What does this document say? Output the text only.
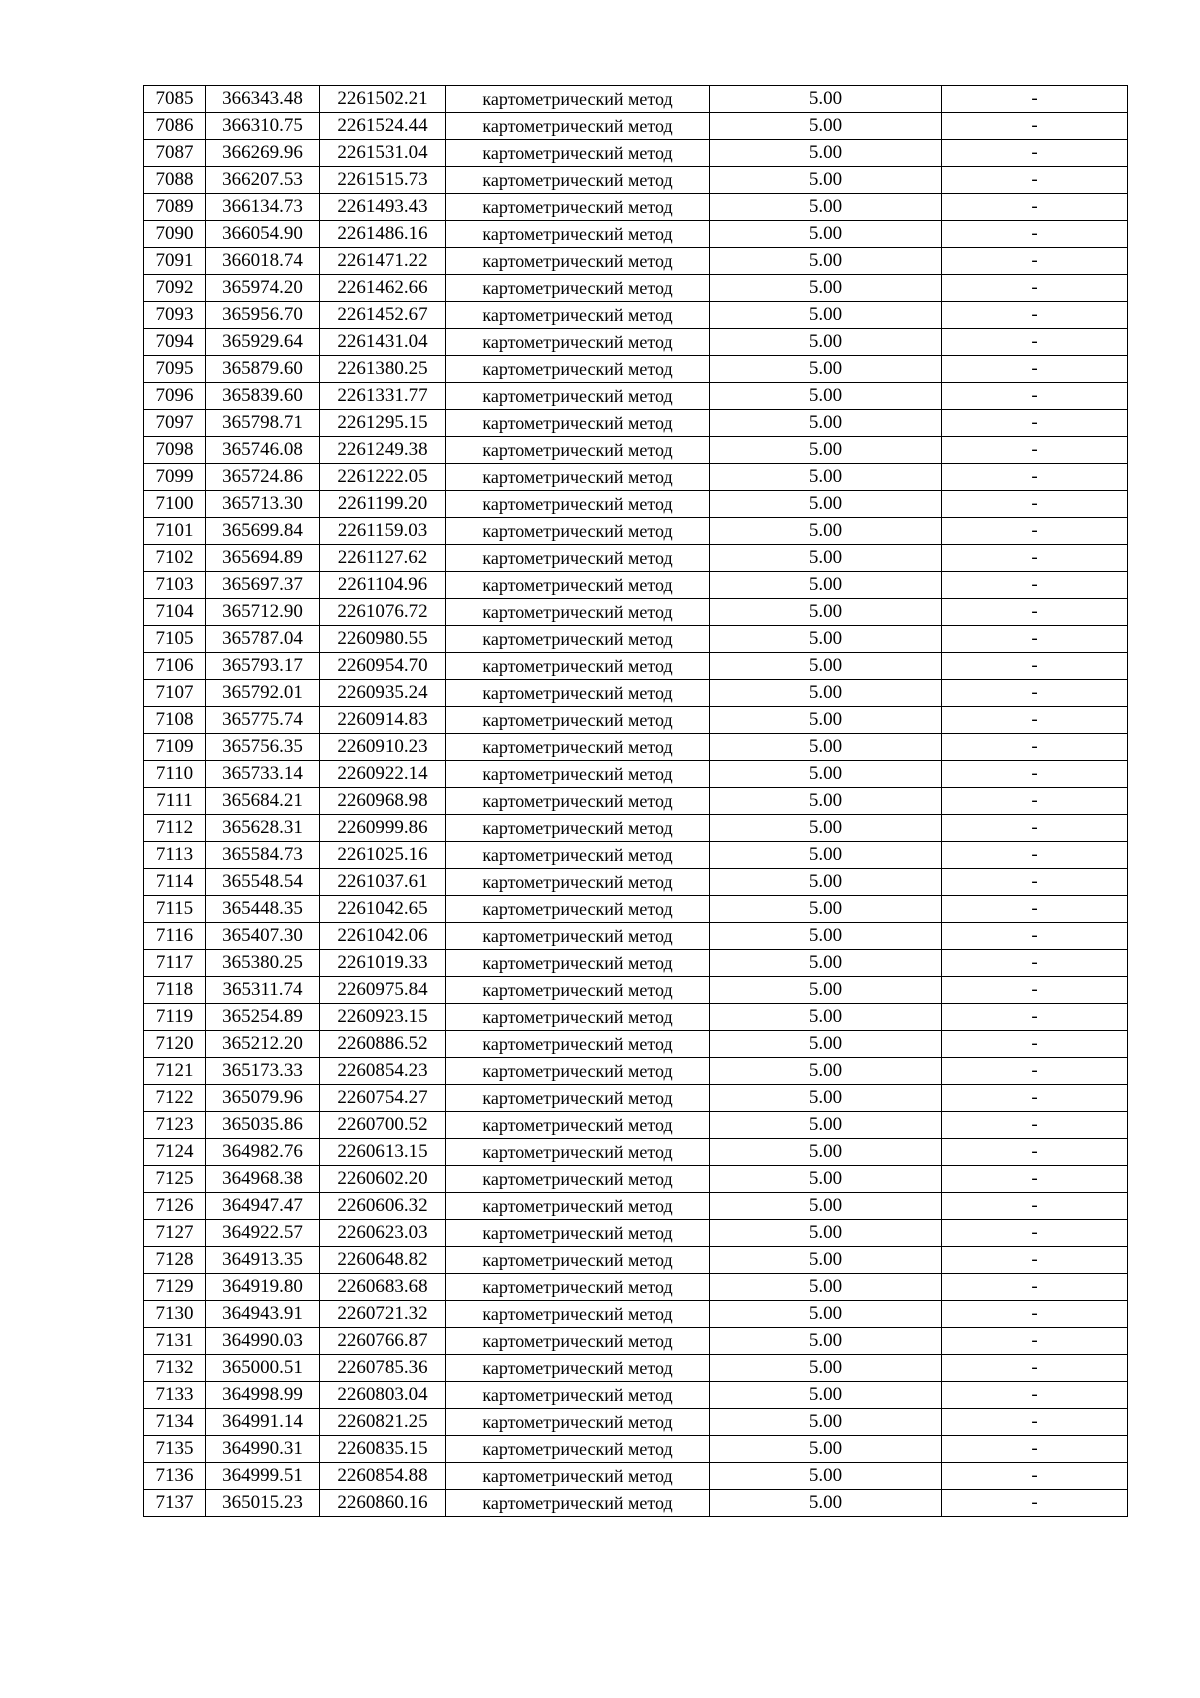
7085	366343.48	2261502.21	картометрический метод	5.00	-
7086	366310.75	2261524.44	картометрический метод	5.00	-
7087	366269.96	2261531.04	картометрический метод	5.00	-
7088	366207.53	2261515.73	картометрический метод	5.00	-
7089	366134.73	2261493.43	картометрический метод	5.00	-
7090	366054.90	2261486.16	картометрический метод	5.00	-
7091	366018.74	2261471.22	картометрический метод	5.00	-
7092	365974.20	2261462.66	картометрический метод	5.00	-
7093	365956.70	2261452.67	картометрический метод	5.00	-
7094	365929.64	2261431.04	картометрический метод	5.00	-
7095	365879.60	2261380.25	картометрический метод	5.00	-
7096	365839.60	2261331.77	картометрический метод	5.00	-
7097	365798.71	2261295.15	картометрический метод	5.00	-
7098	365746.08	2261249.38	картометрический метод	5.00	-
7099	365724.86	2261222.05	картометрический метод	5.00	-
7100	365713.30	2261199.20	картометрический метод	5.00	-
7101	365699.84	2261159.03	картометрический метод	5.00	-
7102	365694.89	2261127.62	картометрический метод	5.00	-
7103	365697.37	2261104.96	картометрический метод	5.00	-
7104	365712.90	2261076.72	картометрический метод	5.00	-
7105	365787.04	2260980.55	картометрический метод	5.00	-
7106	365793.17	2260954.70	картометрический метод	5.00	-
7107	365792.01	2260935.24	картометрический метод	5.00	-
7108	365775.74	2260914.83	картометрический метод	5.00	-
7109	365756.35	2260910.23	картометрический метод	5.00	-
7110	365733.14	2260922.14	картометрический метод	5.00	-
7111	365684.21	2260968.98	картометрический метод	5.00	-
7112	365628.31	2260999.86	картометрический метод	5.00	-
7113	365584.73	2261025.16	картометрический метод	5.00	-
7114	365548.54	2261037.61	картометрический метод	5.00	-
7115	365448.35	2261042.65	картометрический метод	5.00	-
7116	365407.30	2261042.06	картометрический метод	5.00	-
7117	365380.25	2261019.33	картометрический метод	5.00	-
7118	365311.74	2260975.84	картометрический метод	5.00	-
7119	365254.89	2260923.15	картометрический метод	5.00	-
7120	365212.20	2260886.52	картометрический метод	5.00	-
7121	365173.33	2260854.23	картометрический метод	5.00	-
7122	365079.96	2260754.27	картометрический метод	5.00	-
7123	365035.86	2260700.52	картометрический метод	5.00	-
7124	364982.76	2260613.15	картометрический метод	5.00	-
7125	364968.38	2260602.20	картометрический метод	5.00	-
7126	364947.47	2260606.32	картометрический метод	5.00	-
7127	364922.57	2260623.03	картометрический метод	5.00	-
7128	364913.35	2260648.82	картометрический метод	5.00	-
7129	364919.80	2260683.68	картометрический метод	5.00	-
7130	364943.91	2260721.32	картометрический метод	5.00	-
7131	364990.03	2260766.87	картометрический метод	5.00	-
7132	365000.51	2260785.36	картометрический метод	5.00	-
7133	364998.99	2260803.04	картометрический метод	5.00	-
7134	364991.14	2260821.25	картометрический метод	5.00	-
7135	364990.31	2260835.15	картометрический метод	5.00	-
7136	364999.51	2260854.88	картометрический метод	5.00	-
7137	365015.23	2260860.16	картометрический метод	5.00	-
